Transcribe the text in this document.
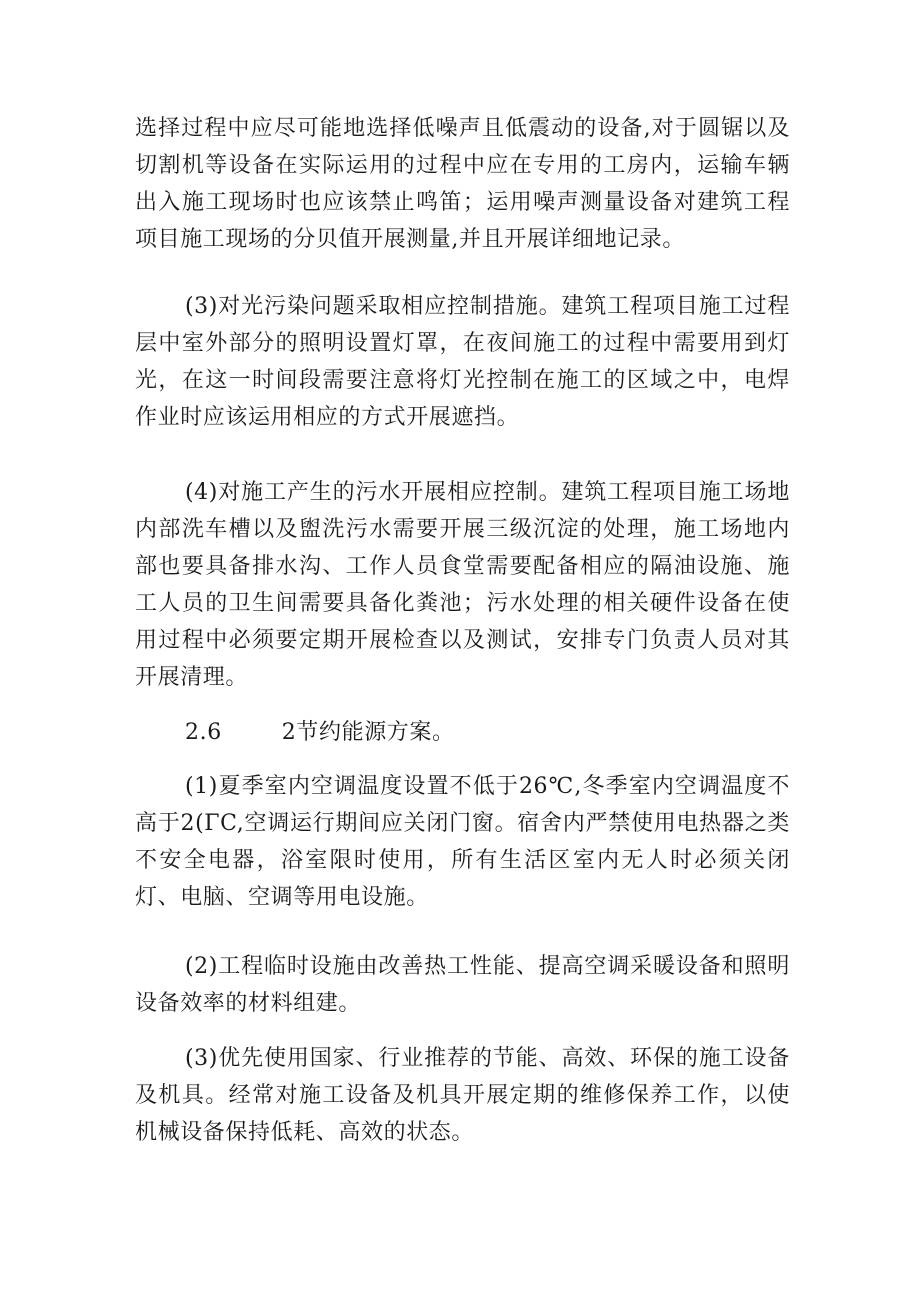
选择过程中应尽可能地选择低噪声且低震动的设备,对于圆锯以及切割机等设备在实际运用的过程中应在专用的工房内，运输车辆出入施工现场时也应该禁止鸣笛；运用噪声测量设备对建筑工程项目施工现场的分贝值开展测量,并且开展详细地记录。

(3)对光污染问题采取相应控制措施。建筑工程项目施工过程层中室外部分的照明设置灯罩，在夜间施工的过程中需要用到灯光，在这一时间段需要注意将灯光控制在施工的区域之中，电焊作业时应该运用相应的方式开展遮挡。

(4)对施工产生的污水开展相应控制。建筑工程项目施工场地内部洗车槽以及盥洗污水需要开展三级沉淀的处理，施工场地内部也要具备排水沟、工作人员食堂需要配备相应的隔油设施、施工人员的卫生间需要具备化粪池；污水处理的相关硬件设备在使用过程中必须要定期开展检查以及测试，安排专门负责人员对其开展清理。

2.6	2节约能源方案。

(1)夏季室内空调温度设置不低于26℃,冬季室内空调温度不高于2(ΓC,空调运行期间应关闭门窗。宿舍内严禁使用电热器之类不安全电器，浴室限时使用，所有生活区室内无人时必须关闭灯、电脑、空调等用电设施。

(2)工程临时设施由改善热工性能、提高空调采暖设备和照明设备效率的材料组建。

(3)优先使用国家、行业推荐的节能、高效、环保的施工设备及机具。经常对施工设备及机具开展定期的维修保养工作，以使机械设备保持低耗、高效的状态。
